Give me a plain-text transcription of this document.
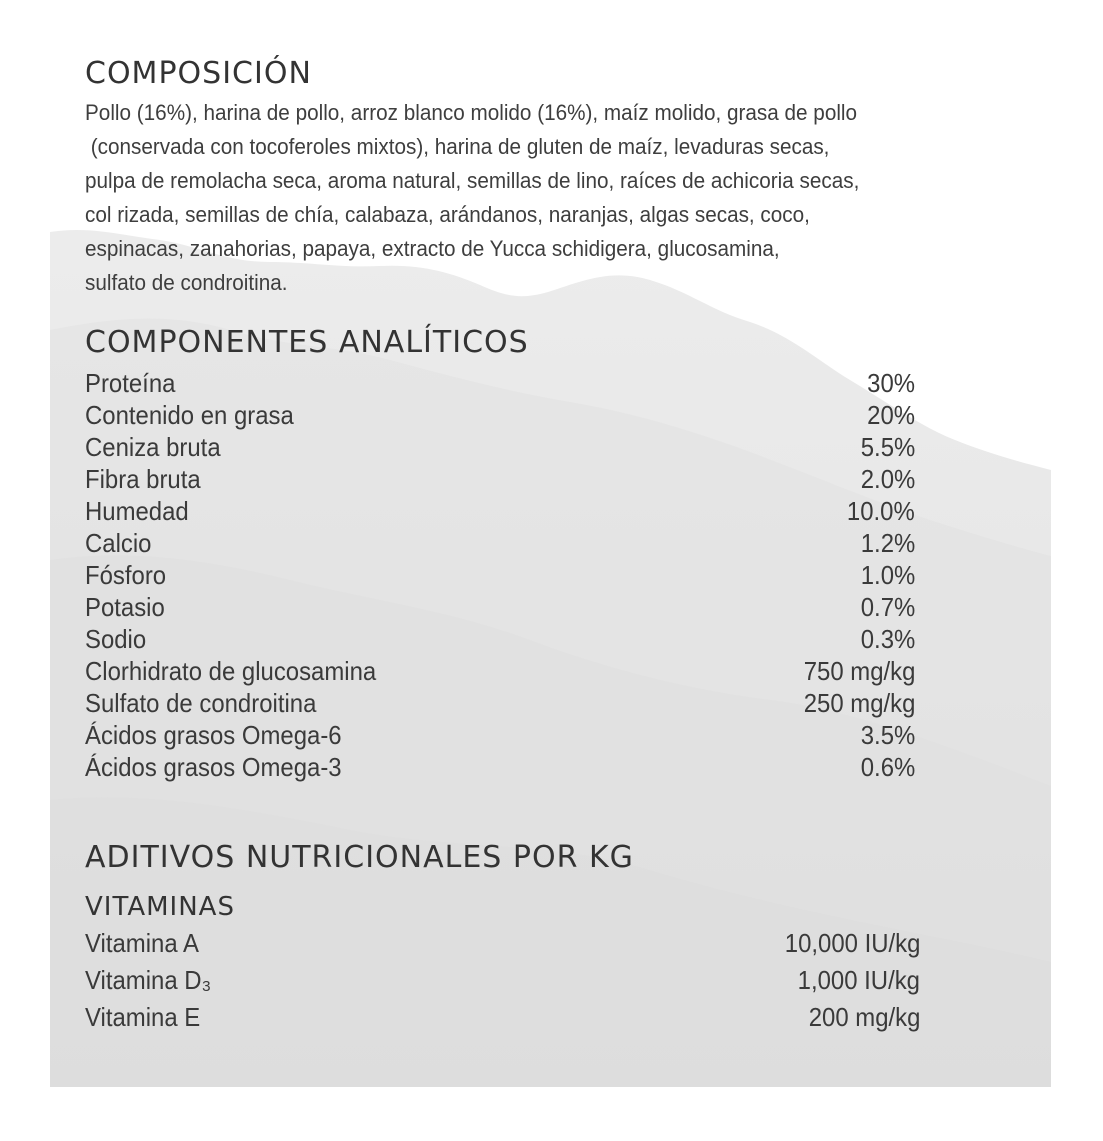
COMPOSICIÓN
Pollo (16%), harina de pollo, arroz blanco molido (16%), maíz molido, grasa de pollo
(conservada con tocoferoles mixtos), harina de gluten de maíz, levaduras secas,
pulpa de remolacha seca, aroma natural, semillas de lino, raíces de achicoria secas,
col rizada, semillas de chía, calabaza, arándanos, naranjas, algas secas, coco,
espinacas, zanahorias, papaya, extracto de Yucca schidigera, glucosamina,
sulfato de condroitina.
COMPONENTES ANALÍTICOS
Proteína	30%
Contenido en grasa	20%
Ceniza bruta	5.5%
Fibra bruta	2.0%
Humedad	10.0%
Calcio	1.2%
Fósforo	1.0%
Potasio	0.7%
Sodio	0.3%
Clorhidrato de glucosamina	750 mg/kg
Sulfato de condroitina	250 mg/kg
Ácidos grasos Omega-6	3.5%
Ácidos grasos Omega-3	0.6%
ADITIVOS NUTRICIONALES POR KG
VITAMINAS
Vitamina A	10,000 IU/kg
Vitamina D₃	1,000 IU/kg
Vitamina E	200 mg/kg
